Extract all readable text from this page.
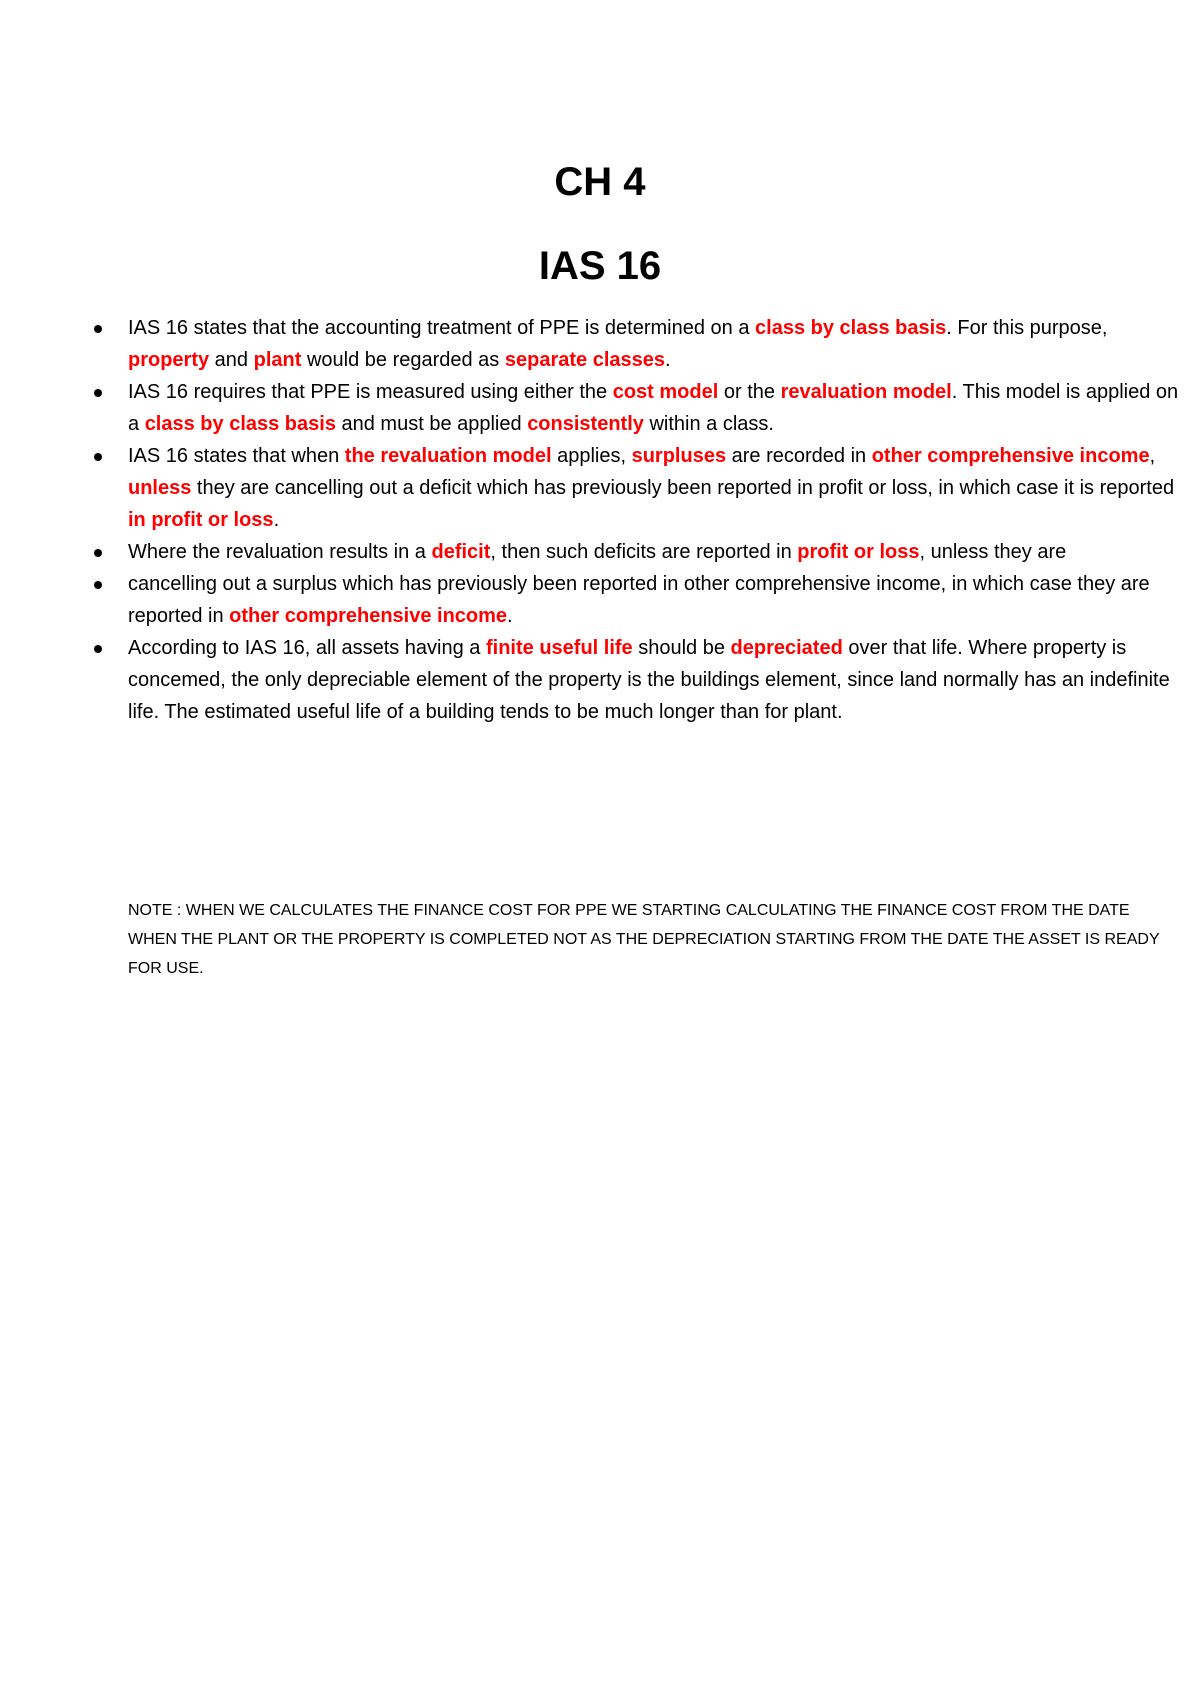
CH 4
IAS 16
IAS 16 states that the accounting treatment of PPE is determined on a class by class basis. For this purpose,
property and plant would be regarded as separate classes.
IAS 16 requires that PPE is measured using either the cost model or the revaluation model. This model is applied on a class by class basis and must be applied consistently within a class.
IAS 16 states that when the revaluation model applies, surpluses are recorded in other comprehensive income, unless they are cancelling out a deficit which has previously been reported in profit or loss, in which case it is reported in profit or loss.
Where the revaluation results in a deficit, then such deficits are reported in profit or loss, unless they are
cancelling out a surplus which has previously been reported in other comprehensive income, in which case they are reported in other comprehensive income.
According to IAS 16, all assets having a finite useful life should be depreciated over that life. Where property is concemed, the only depreciable element of the property is the buildings element, since land normally has an indefinite life. The estimated useful life of a building tends to be much longer than for plant.

NOTE : WHEN WE CALCULATES THE FINANCE COST FOR PPE WE STARTING CALCULATING THE FINANCE COST FROM THE DATE WHEN THE PLANT OR THE PROPERTY IS COMPLETED NOT AS THE DEPRECIATION STARTING FROM THE DATE THE ASSET IS READY FOR USE.
